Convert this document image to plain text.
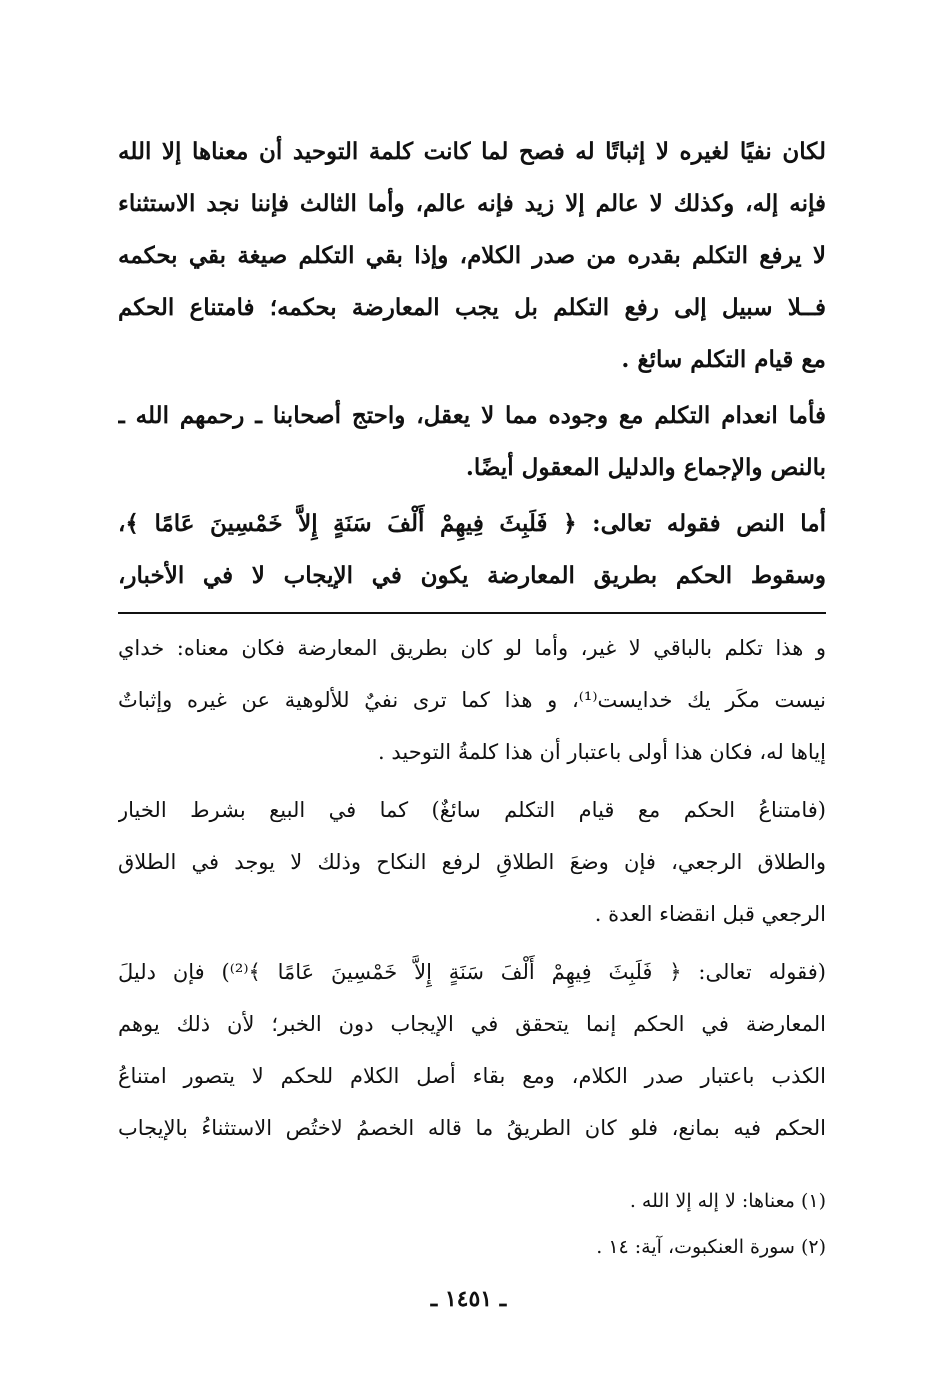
لكان نفيًا لغيره لا إثباتًا له فصح لما كانت كلمة التوحيد أن معناها إلا الله
فإنه إله، وكذلك لا عالم إلا زيد فإنه عالم، وأما الثالث فإننا نجد الاستثناء
لا يرفع التكلم بقدره من صدر الكلام، وإذا بقي التكلم صيغة بقي بحكمه
فــلا سبيل إلى رفع التكلم بل يجب المعارضة بحكمه؛ فامتناع الحكم
مع قيام التكلم سائغ .
فأما انعدام التكلم مع وجوده مما لا يعقل، واحتج أصحابنا ـ رحمهم الله ـ
بالنص والإجماع والدليل المعقول أيضًا.
أما النص فقوله تعالى: ﴿ فَلَبِثَ فِيهِمْ أَلْفَ سَنَةٍ إِلاَّ خَمْسِينَ عَامًا ﴾،
وسقوط الحكم بطريق المعارضة يكون في الإيجاب لا في الأخبار،
و هذا تكلم بالباقي لا غير، وأما لو كان بطريق المعارضة فكان معناه: خداي
نيست مكَر يك خدايست⁽¹⁾، و هذا كما ترى نفيٌ للألوهية عن غيره وإثباتٌ
إياها له، فكان هذا أولى باعتبار أن هذا كلمةُ التوحيد .
(فامتناعُ الحكم مع قيام التكلم سائغٌ) كما في البيع بشرط الخيار
والطلاق الرجعي، فإن وضعَ الطلاقِ لرفع النكاح وذلك لا يوجد في الطلاق
الرجعي قبل انقضاء العدة .
(فقوله تعالى: ﴿ فَلَبِثَ فِيهِمْ أَلْفَ سَنَةٍ إِلاَّ خَمْسِينَ عَامًا ﴾⁽²⁾) فإن دليلَ
المعارضة في الحكم إنما يتحقق في الإيجاب دون الخبر؛ لأن ذلك يوهم
الكذب باعتبار صدر الكلام، ومع بقاء أصل الكلام للحكم لا يتصور امتناعُ
الحكم فيه بمانع، فلو كان الطريقُ ما قاله الخصمُ لاختُص الاستثناءُ بالإيجاب
(١) معناها: لا إله إلا الله .
(٢) سورة العنكبوت، آية: ١٤ .
ـ ١٤٥١ ـ
